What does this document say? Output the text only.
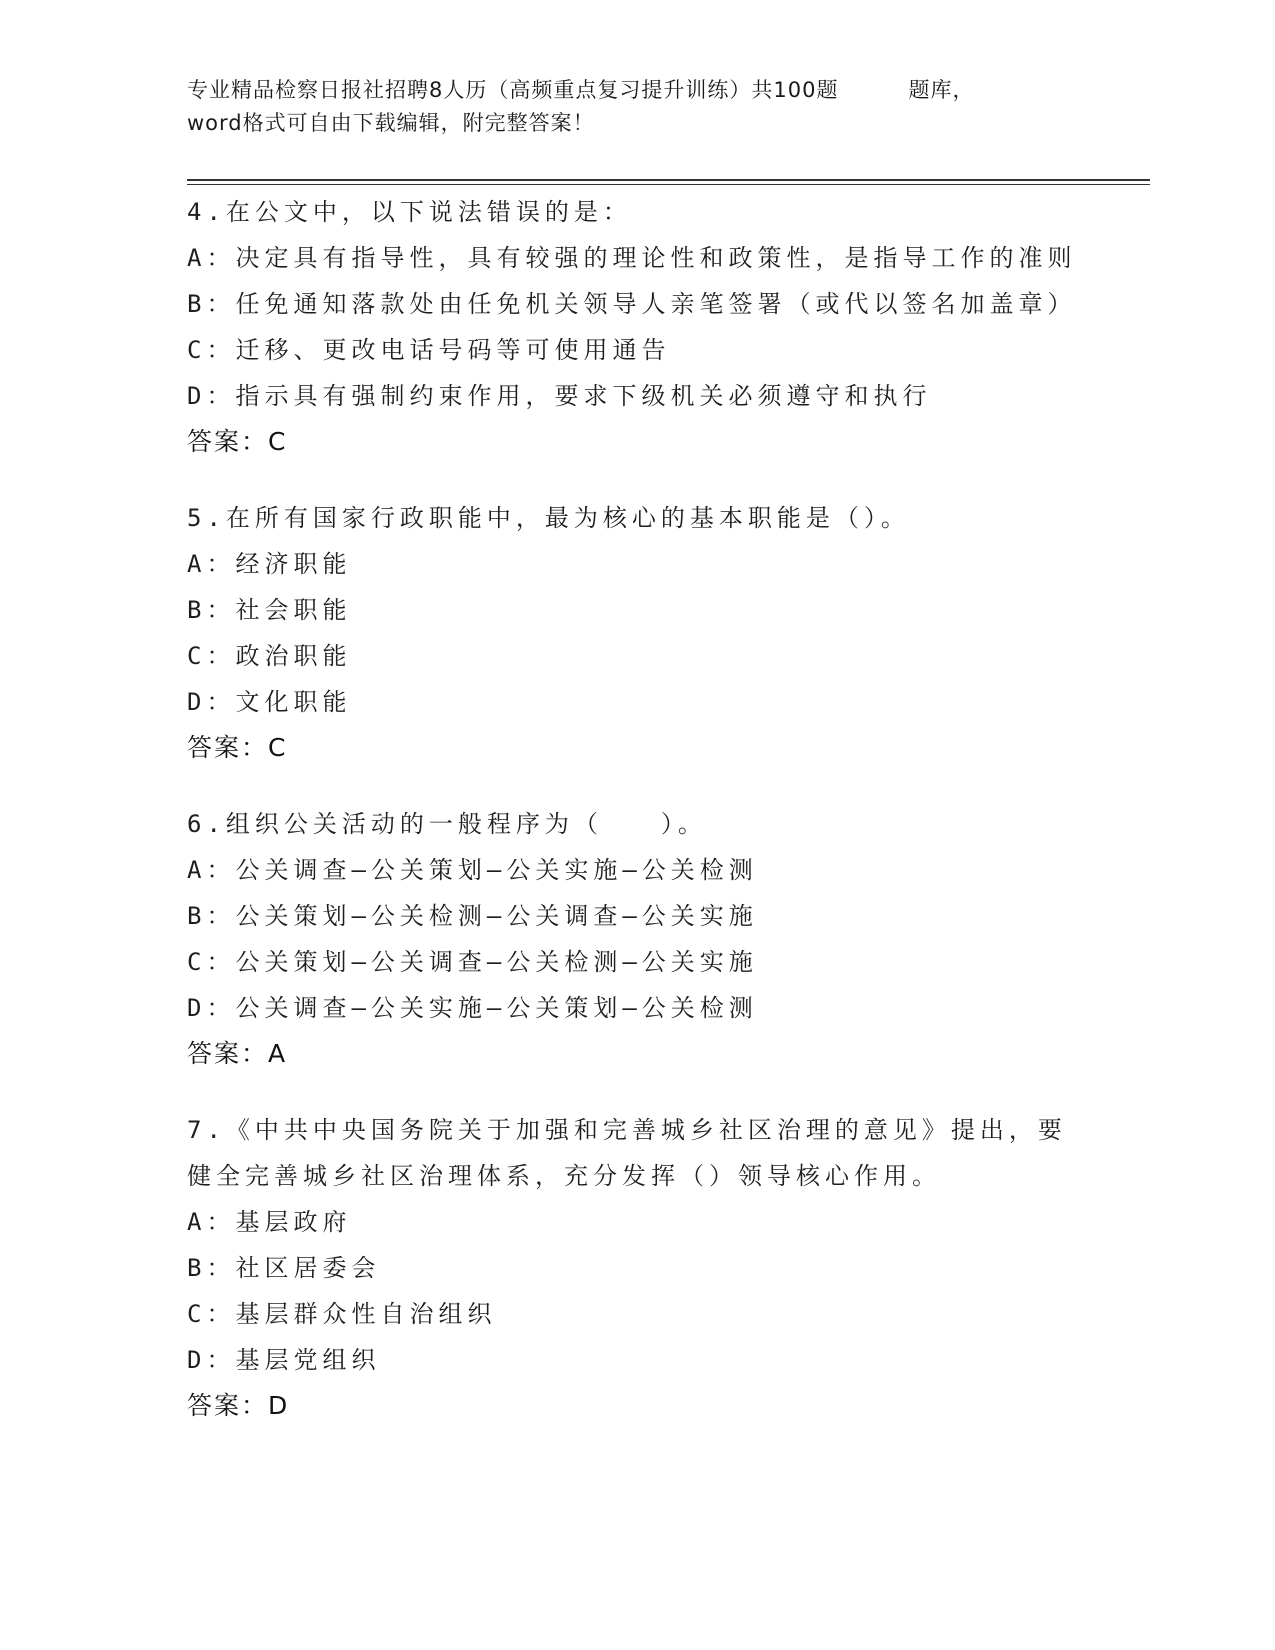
专业精品检察日报社招聘8人历（高频重点复习提升训练）共100题	题库，
word格式可自由下载编辑，附完整答案！
4.在公文中，以下说法错误的是：
A：决定具有指导性，具有较强的理论性和政策性，是指导工作的准则
B：任免通知落款处由任免机关领导人亲笔签署（或代以签名加盖章）
C：迁移、更改电话号码等可使用通告
D：指示具有强制约束作用，要求下级机关必须遵守和执行
答案：C
5.在所有国家行政职能中，最为核心的基本职能是（）。
A：经济职能
B：社会职能
C：政治职能
D：文化职能
答案：C
6.组织公关活动的一般程序为（　　）。
A：公关调查—公关策划—公关实施—公关检测
B：公关策划—公关检测—公关调查—公关实施
C：公关策划—公关调查—公关检测—公关实施
D：公关调查—公关实施—公关策划—公关检测
答案：A
7.《中共中央国务院关于加强和完善城乡社区治理的意见》提出，要
健全完善城乡社区治理体系，充分发挥（）领导核心作用。
A：基层政府
B：社区居委会
C：基层群众性自治组织
D：基层党组织
答案：D
